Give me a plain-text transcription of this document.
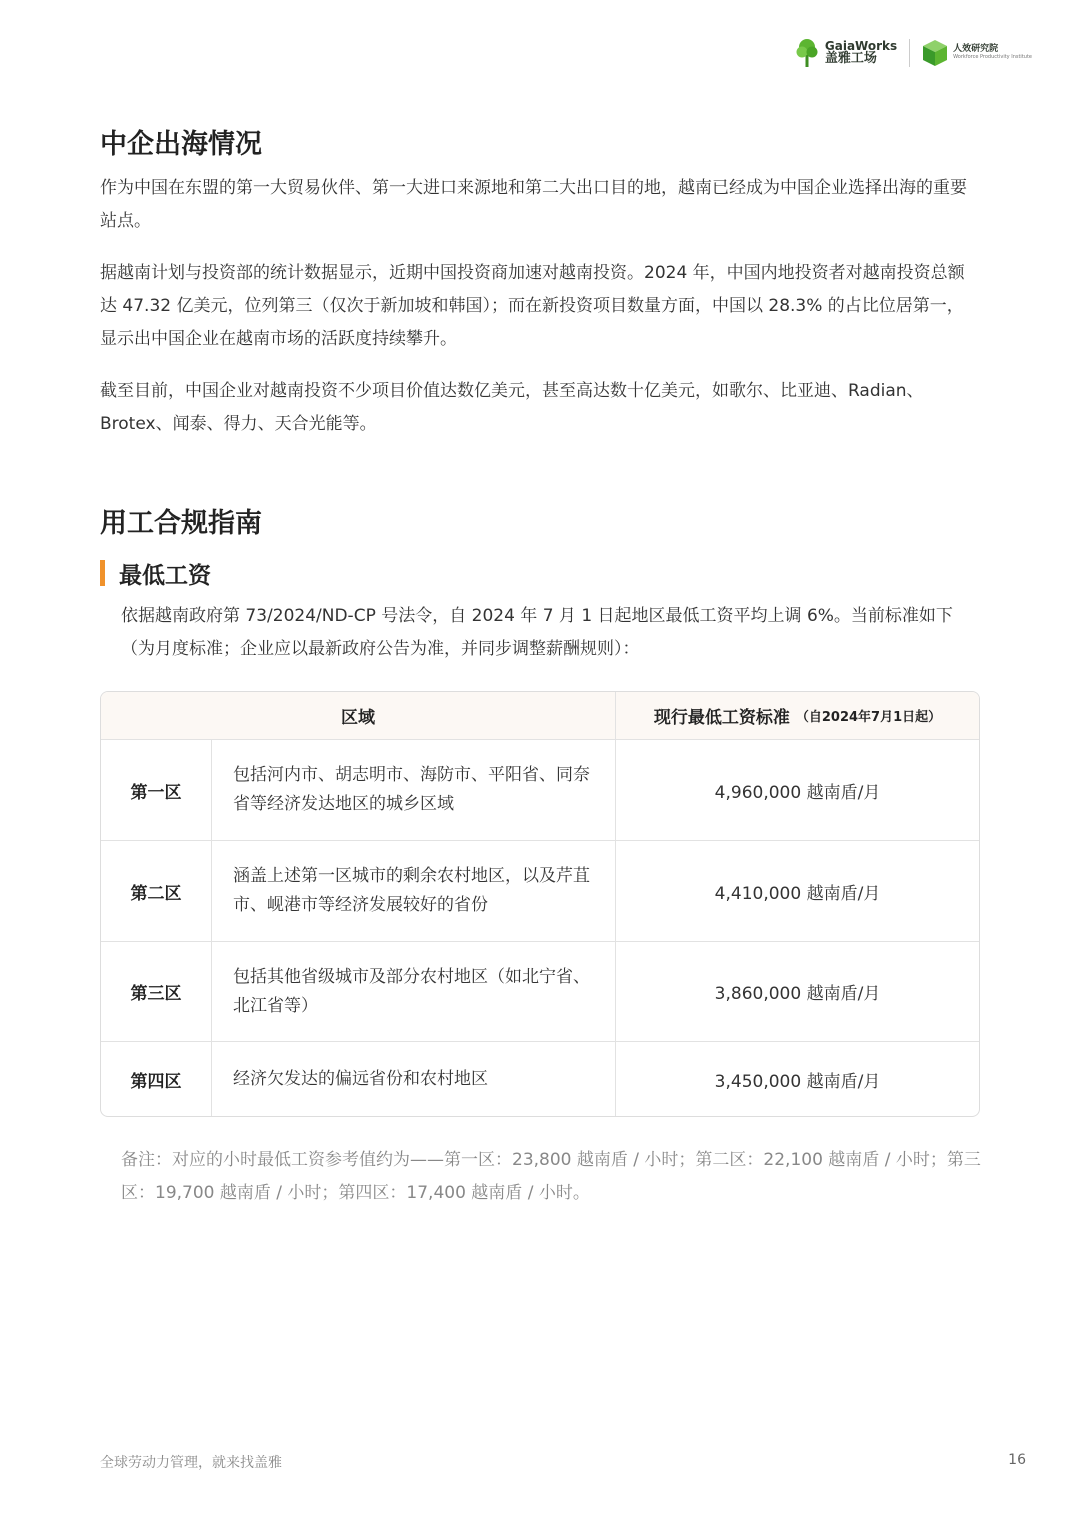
GaiaWorks
盖雅工场
人效研究院
Workforce Productivity Institute
中企出海情况

作为中国在东盟的第一大贸易伙伴、第一大进口来源地和第二大出口目的地，越南已经成为中国企业选择出海的重要站点。

据越南计划与投资部的统计数据显示，近期中国投资商加速对越南投资。2024 年，中国内地投资者对越南投资总额达 47.32 亿美元，位列第三（仅次于新加坡和韩国）；而在新投资项目数量方面，中国以 28.3% 的占比位居第一，显示出中国企业在越南市场的活跃度持续攀升。

截至目前，中国企业对越南投资不少项目价值达数亿美元，甚至高达数十亿美元，如歌尔、比亚迪、Radian、Brotex、闻泰、得力、天合光能等。

用工合规指南
最低工资

依据越南政府第 73/2024/ND-CP 号法令，自 2024 年 7 月 1 日起地区最低工资平均上调 6%。当前标准如下（为月度标准；企业应以最新政府公告为准，并同步调整薪酬规则）：

区域	现行最低工资标准 （自2024年7月1日起）
第一区
包括河内市、胡志明市、海防市、平阳省、同奈省等经济发达地区的城乡区域
4,960,000 越南盾/月
第二区
涵盖上述第一区城市的剩余农村地区，以及芹苴市、岘港市等经济发展较好的省份
4,410,000 越南盾/月
第三区
包括其他省级城市及部分农村地区（如北宁省、北江省等）
3,860,000 越南盾/月
第四区	经济欠发达的偏远省份和农村地区	3,450,000 越南盾/月

备注：对应的小时最低工资参考值约为——第一区：23,800 越南盾 / 小时；第二区：22,100 越南盾 / 小时；第三区：19,700 越南盾 / 小时；第四区：17,400 越南盾 / 小时。

全球劳动力管理，就来找盖雅	16
